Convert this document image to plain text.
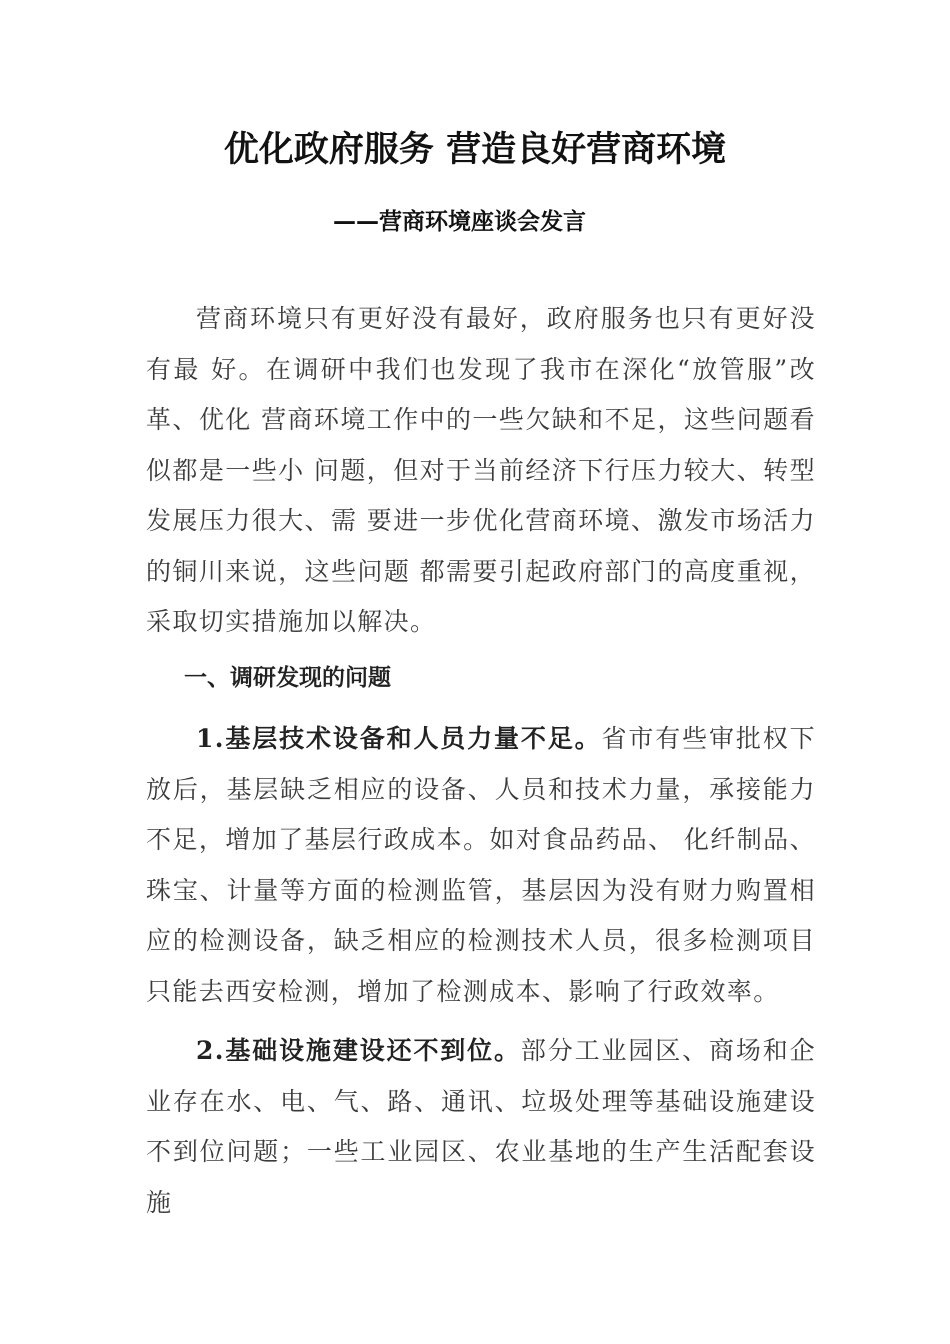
优化政府服务 营造良好营商环境
——营商环境座谈会发言

营商环境只有更好没有最好，政府服务也只有更好没有最 好。在调研中我们也发现了我市在深化“放管服”改革、优化 营商环境工作中的一些欠缺和不足，这些问题看似都是一些小 问题，但对于当前经济下行压力较大、转型发展压力很大、需 要进一步优化营商环境、激发市场活力的铜川来说，这些问题 都需要引起政府部门的高度重视，采取切实措施加以解决。

一、调研发现的问题

1.基层技术设备和人员力量不足。省市有些审批权下放后，基层缺乏相应的设备、人员和技术力量，承接能力不足，增加了基层行政成本。如对食品药品、 化纤制品、珠宝、计量等方面的检测监管，基层因为没有财力购置相应的检测设备，缺乏相应的检测技术人员，很多检测项目只能去西安检测，增加了检测成本、影响了行政效率。

2.基础设施建设还不到位。部分工业园区、商场和企业存在水、电、气、路、通讯、垃圾处理等基础设施建设不到位问题；一些工业园区、农业基地的生产生活配套设施
